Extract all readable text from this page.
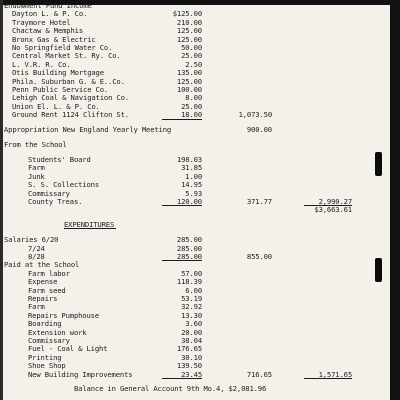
Endowment Fund Income
Dayton L. & P. Co.	$125.00
Traymore Hotel	210.00
Chactaw & Memphis	125.00
Bronx Gas & Electric	125.00
No Springfield Water Co.	50.00
Central Market St. Ry. Co.	25.00
L. V.R. R. Co.	2.50
Otis Building Mortgage	135.00
Phila. Suburban G. & E..Co.	125.00
Penn Public Service Co.	100.00
Lehigh Coal & Navigation Co.	8.00
Union El. L. & P. Co.	25.00
Ground Rent 1124 Clifton St.	18.00	1,073.50
Appropriation New England Yearly Meeting	900.00
From the School
Students' Board	198.03
Farm	31.85
Junk	1.00
S. S. Collections	14.95
Commissary	5.93
County Treas.	120.00	371.77	2,990.27
$3,663.61
EXPENDITURES
Salaries 6/20	285.00
7/24	285.00
8/28	285.00	855.00
Paid at the School
Farm labor	57.00
Expense	118.39
Farm seed	6.00
Repairs	53.19
Farm	32.92
Repairs Pumphouse	13.30
Boarding	3.60
Extension work	20.00
Commissary	38.04
Fuel - Coal & Light	176.65
Printing	30.10
Shoe Shop	139.50
New Building Improvements	23.45	716.65	1,571.65
Balance in General Account 9th Mo.4, $2,081.96
